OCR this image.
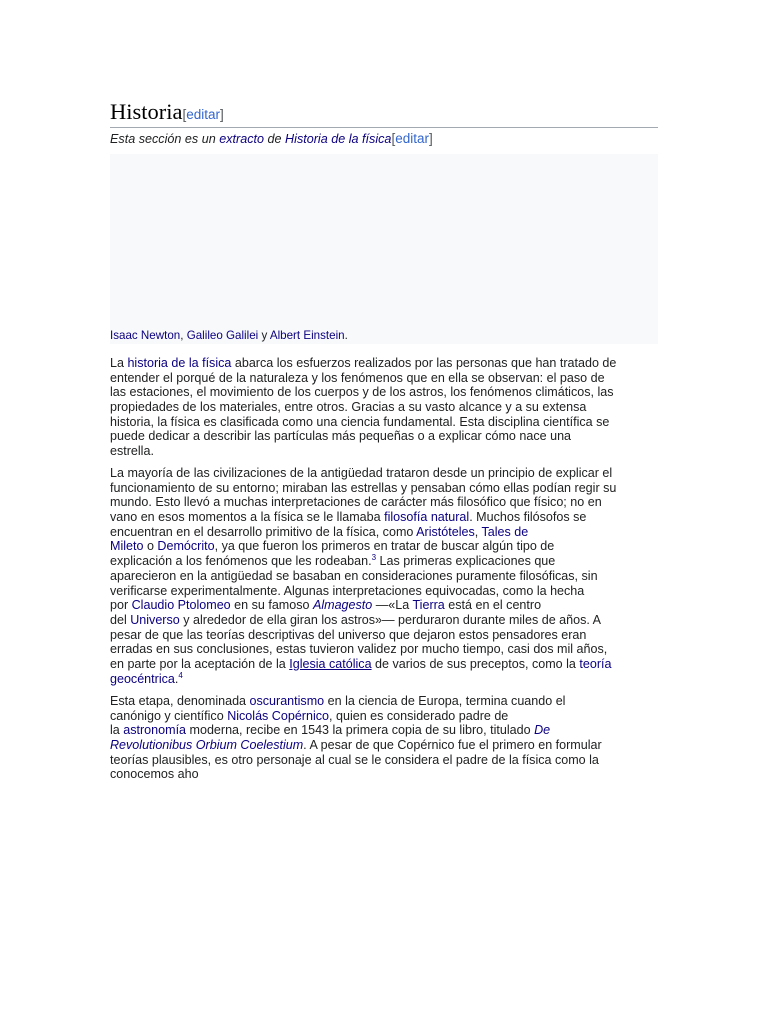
Historia[editar]
Esta sección es un extracto de Historia de la física[editar]
Isaac Newton, Galileo Galilei y Albert Einstein.
La historia de la física abarca los esfuerzos realizados por las personas que han tratado de
entender el porqué de la naturaleza y los fenómenos que en ella se observan: el paso de
las estaciones, el movimiento de los cuerpos y de los astros, los fenómenos climáticos, las
propiedades de los materiales, entre otros. Gracias a su vasto alcance y a su extensa
historia, la física es clasificada como una ciencia fundamental. Esta disciplina científica se
puede dedicar a describir las partículas más pequeñas o a explicar cómo nace una
estrella.
La mayoría de las civilizaciones de la antigüedad trataron desde un principio de explicar el
funcionamiento de su entorno; miraban las estrellas y pensaban cómo ellas podían regir su
mundo. Esto llevó a muchas interpretaciones de carácter más filosófico que físico; no en
vano en esos momentos a la física se le llamaba filosofía natural. Muchos filósofos se
encuentran en el desarrollo primitivo de la física, como Aristóteles, Tales de
Mileto o Demócrito, ya que fueron los primeros en tratar de buscar algún tipo de
explicación a los fenómenos que les rodeaban.$^3$ Las primeras explicaciones que
aparecieron en la antigüedad se basaban en consideraciones puramente filosóficas, sin
verificarse experimentalmente. Algunas interpretaciones equivocadas, como la hecha
por Claudio Ptolomeo en su famoso Almagesto —«La Tierra está en el centro
del Universo y alrededor de ella giran los astros»— perduraron durante miles de años. A
pesar de que las teorías descriptivas del universo que dejaron estos pensadores eran
erradas en sus conclusiones, estas tuvieron validez por mucho tiempo, casi dos mil años,
en parte por la aceptación de la Iglesia católica de varios de sus preceptos, como la teoría
geocéntrica.$^4$
Esta etapa, denominada oscurantismo en la ciencia de Europa, termina cuando el
canónigo y científico Nicolás Copérnico, quien es considerado padre de
la astronomía moderna, recibe en 1543 la primera copia de su libro, titulado De
Revolutionibus Orbium Coelestium. A pesar de que Copérnico fue el primero en formular
teorías plausibles, es otro personaje al cual se le considera el padre de la física como la
conocemos aho
